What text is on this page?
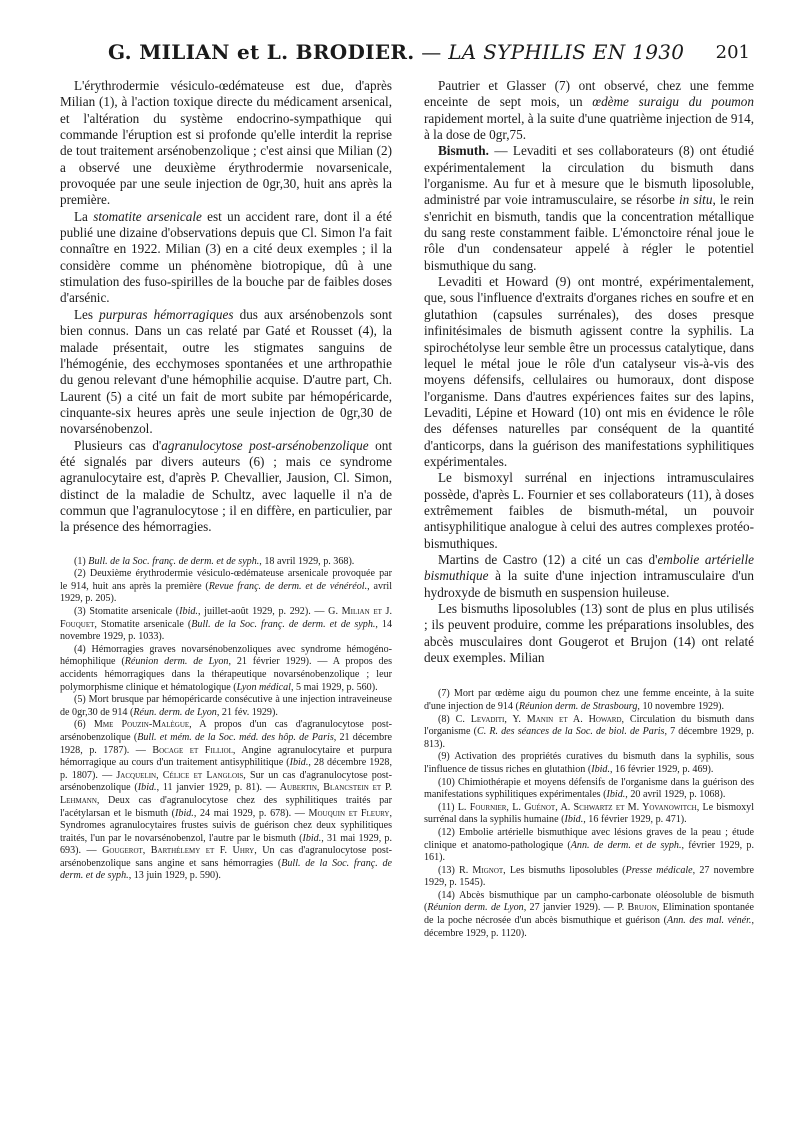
G. MILIAN et L. BRODIER. — LA SYPHILIS EN 1930 201

L'érythrodermie vésiculo-œdémateuse est due, d'après Milian (1), à l'action toxique directe du médicament arsenical, et l'altération du système endocrino-sympathique qui commande l'éruption est si profonde qu'elle interdit la reprise de tout traitement arsénobenzolique ; c'est ainsi que Milian (2) a observé une deuxième érythrodermie novarsenicale, provoquée par une seule injection de 0gr,30, huit ans après la première.

La stomatite arsenicale est un accident rare, dont il a été publié une dizaine d'observations depuis que Cl. Simon l'a fait connaître en 1922. Milian (3) en a cité deux exemples ; il la considère comme un phénomène biotropique, dû à une stimulation des fuso-spirilles de la bouche par de faibles doses d'arsénic.

Les purpuras hémorragiques dus aux arsénobenzols sont bien connus. Dans un cas relaté par Gaté et Rousset (4), la malade présentait, outre les stigmates sanguins de l'hémogénie, des ecchymoses spontanées et une arthropathie du genou relevant d'une hémophilie acquise. D'autre part, Ch. Laurent (5) a cité un fait de mort subite par hémopéricarde, cinquante-six heures après une seule injection de 0gr,30 de novarsénobenzol.

Plusieurs cas d'agranulocytose post-arsénobenzolique ont été signalés par divers auteurs (6) ; mais ce syndrome agranulocytaire est, d'après P. Chevallier, Jausion, Cl. Simon, distinct de la maladie de Schultz, avec laquelle il n'a de commun que l'agranulocytose ; il en diffère, en particulier, par la présence des hémorragies.

(1) Bull. de la Soc. franç. de derm. et de syph., 18 avril 1929, p. 368).

(2) Deuxième érythrodermie vésiculo-œdémateuse arsenicale provoquée par le 914, huit ans après la première (Revue franç. de derm. et de vénéréol., avril 1929, p. 205).

(3) Stomatite arsenicale (Ibid., juillet-août 1929, p. 292). — G. Milian et J. Fouquet, Stomatite arsenicale (Bull. de la Soc. franç. de derm. et de syph., 14 novembre 1929, p. 1033).

(4) Hémorragies graves novarsénobenzoliques avec syndrome hémogéno-hémophilique (Réunion derm. de Lyon, 21 février 1929). — A propos des accidents hémorragiques dans la thérapeutique novarsénobenzolique ; leur polymorphisme clinique et hématologique (Lyon médical, 5 mai 1929, p. 560).

(5) Mort brusque par hémopéricarde consécutive à une injection intraveineuse de 0gr,30 de 914 (Réun. derm. de Lyon, 21 fév. 1929).

(6) Mme Pouzin-Malègue, A propos d'un cas d'agranulocytose post-arsénobenzolique (Bull. et mém. de la Soc. méd. des hôp. de Paris, 21 décembre 1928, p. 1787). — Bocage et Filliol, Angine agranulocytaire et purpura hémorragique au cours d'un traitement antisyphilitique (Ibid., 28 décembre 1928, p. 1807). — Jacquelin, Célice et Langlois, Sur un cas d'agranulocytose post-arsénobenzolique (Ibid., 11 janvier 1929, p. 81). — Aubertin, Blancstein et P. Lehmann, Deux cas d'agranulocytose chez des syphilitiques traités par l'acétylarsan et le bismuth (Ibid., 24 mai 1929, p. 678). — Mouquin et Fleury, Syndromes agranulocytaires frustes suivis de guérison chez deux syphilitiques traités, l'un par le novarsénobenzol, l'autre par le bismuth (Ibid., 31 mai 1929, p. 693). — Gougerot, Barthélemy et F. Uhry, Un cas d'agranulocytose post-arsénobenzolique sans angine et sans hémorragies (Bull. de la Soc. franç. de derm. et de syph., 13 juin 1929, p. 590).

Pautrier et Glasser (7) ont observé, chez une femme enceinte de sept mois, un œdème suraigu du poumon rapidement mortel, à la suite d'une quatrième injection de 914, à la dose de 0gr,75.

Bismuth. — Levaditi et ses collaborateurs (8) ont étudié expérimentalement la circulation du bismuth dans l'organisme. Au fur et à mesure que le bismuth liposoluble, administré par voie intramusculaire, se résorbe in situ, le rein s'enrichit en bismuth, tandis que la concentration métallique du sang reste constamment faible. L'émonctoire rénal joue le rôle d'un condensateur appelé à régler le potentiel bismuthique du sang.

Levaditi et Howard (9) ont montré, expérimentalement, que, sous l'influence d'extraits d'organes riches en soufre et en glutathion (capsules surrénales), des doses presque infinitésimales de bismuth agissent contre la syphilis. La spirochétolyse leur semble être un processus catalytique, dans lequel le métal joue le rôle d'un catalyseur vis-à-vis des moyens défensifs, cellulaires ou humoraux, dont dispose l'organisme. Dans d'autres expériences faites sur des lapins, Levaditi, Lépine et Howard (10) ont mis en évidence le rôle des défenses naturelles par conséquent de la quantité d'anticorps, dans la guérison des manifestations syphilitiques expérimentales.

Le bismoxyl surrénal en injections intramusculaires possède, d'après L. Fournier et ses collaborateurs (11), à doses extrêmement faibles de bismuth-métal, un pouvoir antisyphilitique analogue à celui des autres complexes protéo-bismuthiques.

Martins de Castro (12) a cité un cas d'embolie artérielle bismuthique à la suite d'une injection intramusculaire d'un hydroxyde de bismuth en suspension huileuse.

Les bismuths liposolubles (13) sont de plus en plus utilisés ; ils peuvent produire, comme les préparations insolubles, des abcès musculaires dont Gougerot et Brujon (14) ont relaté deux exemples. Milian

(7) Mort par œdème aigu du poumon chez une femme enceinte, à la suite d'une injection de 914 (Réunion derm. de Strasbourg, 10 novembre 1929).

(8) C. Levaditi, Y. Manin et A. Howard, Circulation du bismuth dans l'organisme (C. R. des séances de la Soc. de biol. de Paris, 7 décembre 1929, p. 813).

(9) Activation des propriétés curatives du bismuth dans la syphilis, sous l'influence de tissus riches en glutathion (Ibid., 16 février 1929, p. 469).

(10) Chimiothérapie et moyens défensifs de l'organisme dans la guérison des manifestations syphilitiques expérimentales (Ibid., 20 avril 1929, p. 1068).

(11) L. Fournier, L. Guénot, A. Schwartz et M. Yovanowitch, Le bismoxyl surrénal dans la syphilis humaine (Ibid., 16 février 1929, p. 471).

(12) Embolie artérielle bismuthique avec lésions graves de la peau ; étude clinique et anatomo-pathologique (Ann. de derm. et de syph., février 1929, p. 161).

(13) R. Mignot, Les bismuths liposolubles (Presse médicale, 27 novembre 1929, p. 1545).

(14) Abcès bismuthique par un campho-carbonate oléosoluble de bismuth (Réunion derm. de Lyon, 27 janvier 1929). — P. Brujon, Elimination spontanée de la poche nécrosée d'un abcès bismuthique et guérison (Ann. des mal. vénér., décembre 1929, p. 1120).
